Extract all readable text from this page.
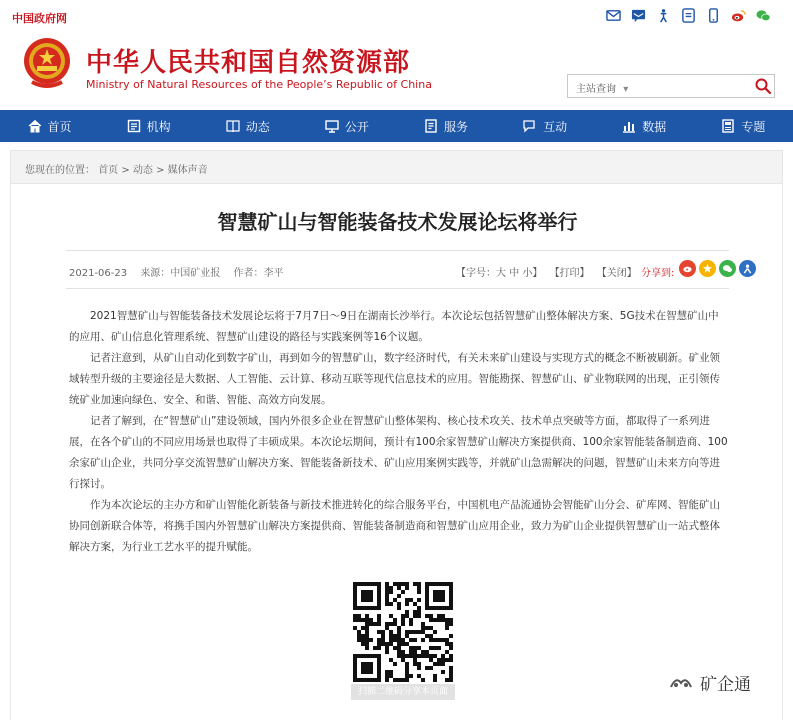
中国政府网
中华人民共和国自然资源部
Ministry of Natural Resources of the People’s Republic of China	主站查询 ▾
首页	机构	动态	公开	服务	互动	数据	专题
您现在的位置： 首页 > 动态 > 媒体声音
智慧矿山与智能装备技术发展论坛将举行
2021-06-23 来源：中国矿业报 作者：李平	【字号：大 中 小】 【打印】 【关闭】 分享到:

2021智慧矿山与智能装备技术发展论坛将于7月7日～9日在湖南长沙举行。本次论坛包括智慧矿山整体解决方案、5G技术在智慧矿山中的应用、矿山信息化管理系统、智慧矿山建设的路径与实践案例等16个议题。

记者注意到，从矿山自动化到数字矿山，再到如今的智慧矿山，数字经济时代，有关未来矿山建设与实现方式的概念不断被刷新。矿业领域转型升级的主要途径是大数据、人工智能、云计算、移动互联等现代信息技术的应用。智能勘探、智慧矿山、矿业物联网的出现，正引领传统矿业加速向绿色、安全、和谐、智能、高效方向发展。

记者了解到，在“智慧矿山”建设领域，国内外很多企业在智慧矿山整体架构、核心技术攻关、技术单点突破等方面，都取得了一系列进展，在各个矿山的不同应用场景也取得了丰硕成果。本次论坛期间，预计有100余家智慧矿山解决方案提供商、100余家智能装备制造商、100余家矿山企业，共同分享交流智慧矿山解决方案、智能装备新技术、矿山应用案例实践等，并就矿山急需解决的问题，智慧矿山未来方向等进行探讨。

作为本次论坛的主办方和矿山智能化新装备与新技术推进转化的综合服务平台，中国机电产品流通协会智能矿山分会、矿库网、智能矿山协同创新联合体等，将携手国内外智慧矿山解决方案提供商、智能装备制造商和智慧矿山应用企业，致力为矿山企业提供智慧矿山一站式整体解决方案，为行业工艺水平的提升赋能。

扫描二维码分享本页面	矿企通
